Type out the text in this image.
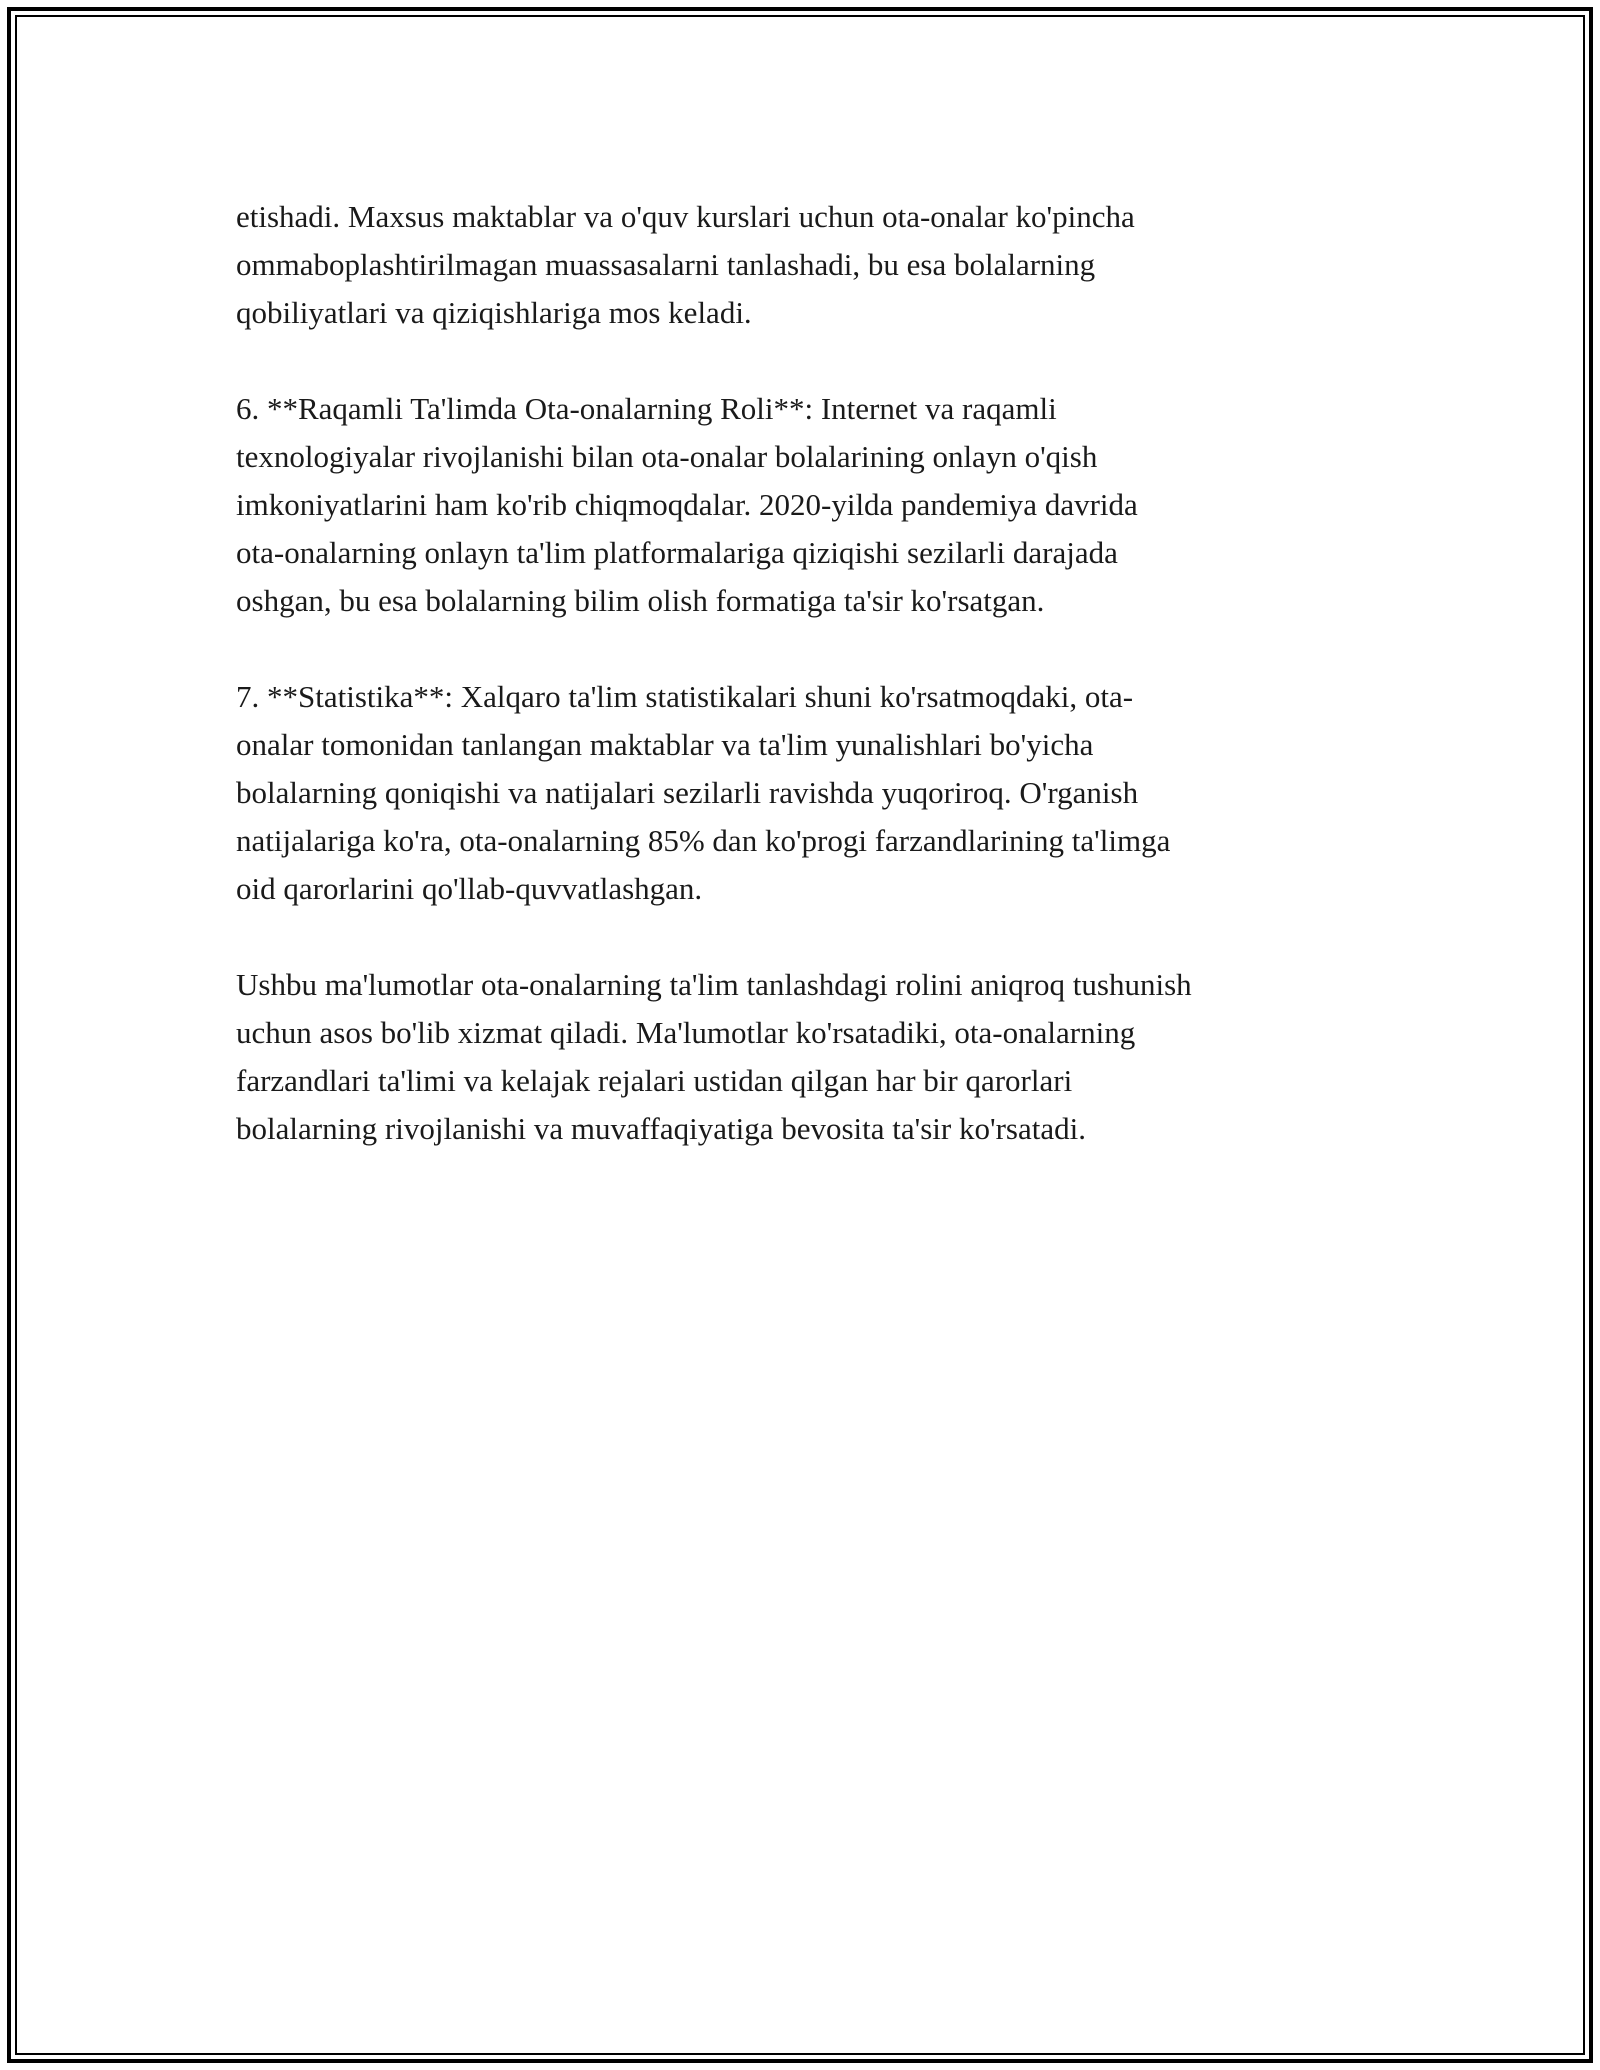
etishadi. Maxsus maktablar va o'quv kurslari uchun ota-onalar ko'pincha
ommaboplashtirilmagan muassasalarni tanlashadi, bu esa bolalarning
qobiliyatlari va qiziqishlariga mos keladi.

6. **Raqamli Ta'limda Ota-onalarning Roli**: Internet va raqamli
texnologiyalar rivojlanishi bilan ota-onalar bolalarining onlayn o'qish
imkoniyatlarini ham ko'rib chiqmoqdalar. 2020-yilda pandemiya davrida
ota-onalarning onlayn ta'lim platformalariga qiziqishi sezilarli darajada
oshgan, bu esa bolalarning bilim olish formatiga ta'sir ko'rsatgan.

7. **Statistika**: Xalqaro ta'lim statistikalari shuni ko'rsatmoqdaki, ota-
onalar tomonidan tanlangan maktablar va ta'lim yunalishlari bo'yicha
bolalarning qoniqishi va natijalari sezilarli ravishda yuqoriroq. O'rganish
natijalariga ko'ra, ota-onalarning 85% dan ko'progi farzandlarining ta'limga
oid qarorlarini qo'llab-quvvatlashgan.

Ushbu ma'lumotlar ota-onalarning ta'lim tanlashdagi rolini aniqroq tushunish
uchun asos bo'lib xizmat qiladi. Ma'lumotlar ko'rsatadiki, ota-onalarning
farzandlari ta'limi va kelajak rejalari ustidan qilgan har bir qarorlari
bolalarning rivojlanishi va muvaffaqiyatiga bevosita ta'sir ko'rsatadi.
